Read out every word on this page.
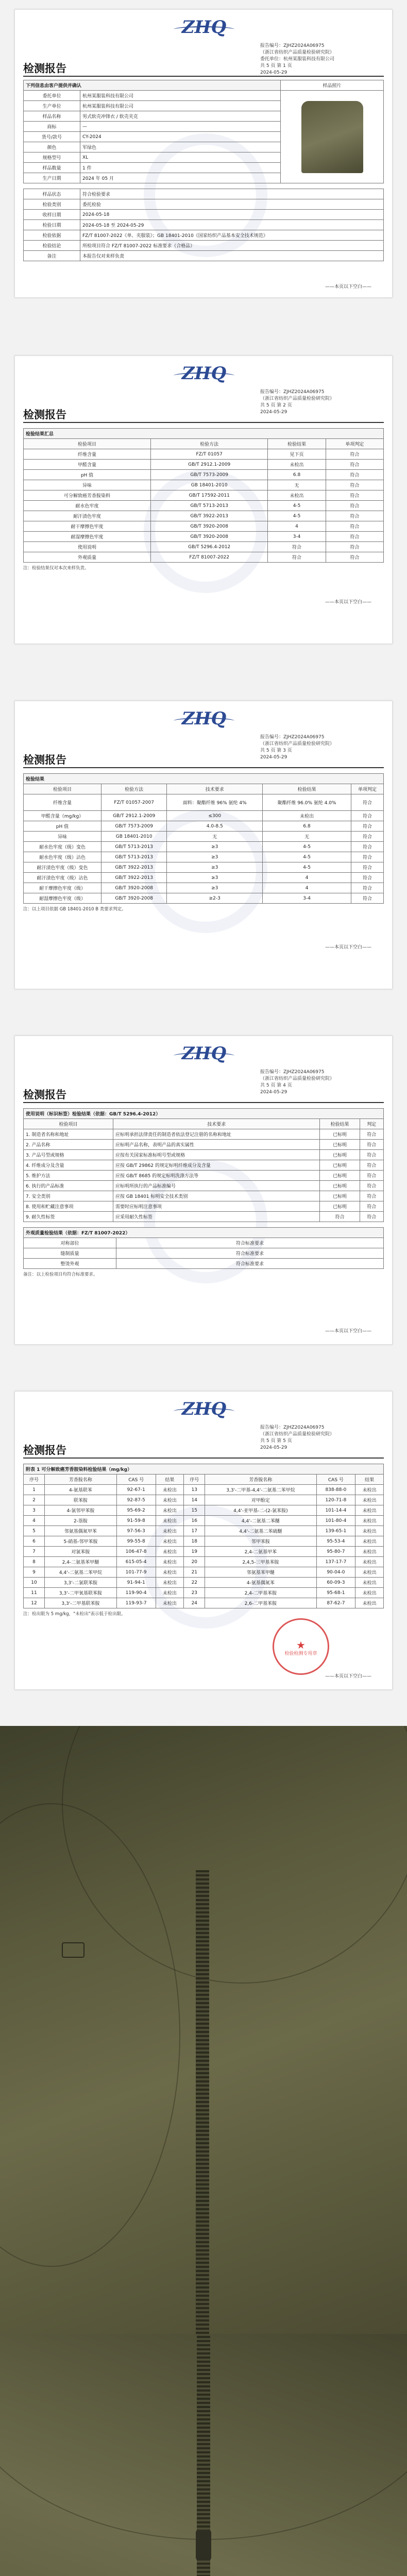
ZHQ
报告编号：ZJHZ2024A06975
（浙江省纺织产品质量检验研究院）
委托单位：杭州某服装科技有限公司
共 5 页 第 1 页
2024-05-29
检测报告
下列信息由客户提供并确认		样品照片
委托单位	杭州某服装科技有限公司	

生产单位	杭州某服装科技有限公司	
样品名称	男式软壳冲锋衣 / 软壳夹克	
商标	—	
货号/款号	CY-2024	
颜色	军绿色	
规格型号	XL	
样品数量	1 件	
生产日期	2024 年 05 月	
样品状态	符合检验要求
检验类别	委托检验
收样日期	2024-05-18
检验日期	2024-05-18 至 2024-05-29
检验依据	FZ/T 81007-2022《单、夹服装》；GB 18401-2010《国家纺织产品基本安全技术规范》
检验结论	所检项目符合 FZ/T 81007-2022 标准要求（合格品）
备注	本报告仅对来样负责
——本页以下空白——
ZHQ
报告编号：ZJHZ2024A06975
（浙江省纺织产品质量检验研究院）
共 5 页 第 2 页
2024-05-29
检测报告
检验结果汇总			
检验项目	检验方法	检验结果	单项判定
纤维含量	FZ/T 01057	见下页	符合
甲醛含量	GB/T 2912.1-2009	未检出	符合
pH 值	GB/T 7573-2009	6.8	符合
异味	GB 18401-2010	无	符合
可分解致癌芳香胺染料	GB/T 17592-2011	未检出	符合
耐水色牢度	GB/T 5713-2013	4-5	符合
耐汗渍色牢度	GB/T 3922-2013	4-5	符合
耐干摩擦色牢度	GB/T 3920-2008	4	符合
耐湿摩擦色牢度	GB/T 3920-2008	3-4	符合
使用说明	GB/T 5296.4-2012	符合	符合
外观质量	FZ/T 81007-2022	符合	符合
注：检验结果仅对本次来样负责。
——本页以下空白——
ZHQ
报告编号：ZJHZ2024A06975
（浙江省纺织产品质量检验研究院）
共 5 页 第 3 页
2024-05-29
检测报告
检验结果				
检验项目	检验方法	技术要求	检验结果	单项判定
纤维含量	FZ/T 01057-2007	面料：聚酯纤维 96% 氨纶 4%	聚酯纤维 96.0% 氨纶 4.0%	符合
甲醛含量（mg/kg）	GB/T 2912.1-2009	≤300	未检出	符合
pH 值	GB/T 7573-2009	4.0-8.5	6.8	符合
异味	GB 18401-2010	无	无	符合
耐水色牢度（级）变色	GB/T 5713-2013	≥3	4-5	符合
耐水色牢度（级）沾色	GB/T 5713-2013	≥3	4-5	符合
耐汗渍色牢度（级）变色	GB/T 3922-2013	≥3	4-5	符合
耐汗渍色牢度（级）沾色	GB/T 3922-2013	≥3	4	符合
耐干摩擦色牢度（级）	GB/T 3920-2008	≥3	4	符合
耐湿摩擦色牢度（级）	GB/T 3920-2008	≥2-3	3-4	符合
注：以上项目依据 GB 18401-2010 B 类要求判定。
——本页以下空白——
ZHQ
报告编号：ZJHZ2024A06975
（浙江省纺织产品质量检验研究院）
共 5 页 第 4 页
2024-05-29
检测报告
使用说明（标识标签）检验结果（依据：GB/T 5296.4-2012）			
检验项目	技术要求	检验结果	判定
1. 制造者名称和地址	应标明承担法律责任的制造者依法登记注册的名称和地址	已标明	符合
2. 产品名称	应标明产品名称，表明产品的真实属性	已标明	符合
3. 产品号型或规格	应按有关国家标准标明号型或规格	已标明	符合
4. 纤维成分及含量	应按 GB/T 29862 的规定标明纤维成分及含量	已标明	符合
5. 维护方法	应按 GB/T 8685 的规定标明洗涤方法等	已标明	符合
6. 执行的产品标准	应标明所执行的产品标准编号	已标明	符合
7. 安全类别	应按 GB 18401 标明安全技术类别	已标明	符合
8. 使用和贮藏注意事项	需要时应标明注意事项	已标明	符合
9. 耐久性标签	应采用耐久性标签	符合	符合
外观质量检验结果（依据：FZ/T 81007-2022）	
对称部位	符合标准要求
缝制质量	符合标准要求
整烫外观	符合标准要求
备注：以上检验项目均符合标准要求。
——本页以下空白——
ZHQ
报告编号：ZJHZ2024A06975
（浙江省纺织产品质量检验研究院）
共 5 页 第 5 页
2024-05-29
检测报告
附表 1 可分解致癌芳香胺染料检验结果（mg/kg）							
序号	芳香胺名称	CAS 号	结果	序号	芳香胺名称	CAS 号	结果
1	4-氨基联苯	92-67-1	未检出	13	3,3'-二甲基-4,4'-二氨基二苯甲烷	838-88-0	未检出
2	联苯胺	92-87-5	未检出	14	对甲酚定	120-71-8	未检出
3	4-氯邻甲苯胺	95-69-2	未检出	15	4,4'-亚甲基-二-(2-氯苯胺)	101-14-4	未检出
4	2-萘胺	91-59-8	未检出	16	4,4'-二氨基二苯醚	101-80-4	未检出
5	邻氨基偶氮甲苯	97-56-3	未检出	17	4,4'-二氨基二苯硫醚	139-65-1	未检出
6	5-硝基-邻甲苯胺	99-55-8	未检出	18	邻甲苯胺	95-53-4	未检出
7	对氯苯胺	106-47-8	未检出	19	2,4-二氨基甲苯	95-80-7	未检出
8	2,4-二氨基苯甲醚	615-05-4	未检出	20	2,4,5-三甲基苯胺	137-17-7	未检出
9	4,4'-二氨基二苯甲烷	101-77-9	未检出	21	邻氨基苯甲醚	90-04-0	未检出
10	3,3'-二氯联苯胺	91-94-1	未检出	22	4-氨基偶氮苯	60-09-3	未检出
11	3,3'-二甲氧基联苯胺	119-90-4	未检出	23	2,4-二甲基苯胺	95-68-1	未检出
12	3,3'-二甲基联苯胺	119-93-7	未检出	24	2,6-二甲基苯胺	87-62-7	未检出
注：检出限为 5 mg/kg，"未检出"表示低于检出限。
★
检验检测专用章
——本页以下空白——
